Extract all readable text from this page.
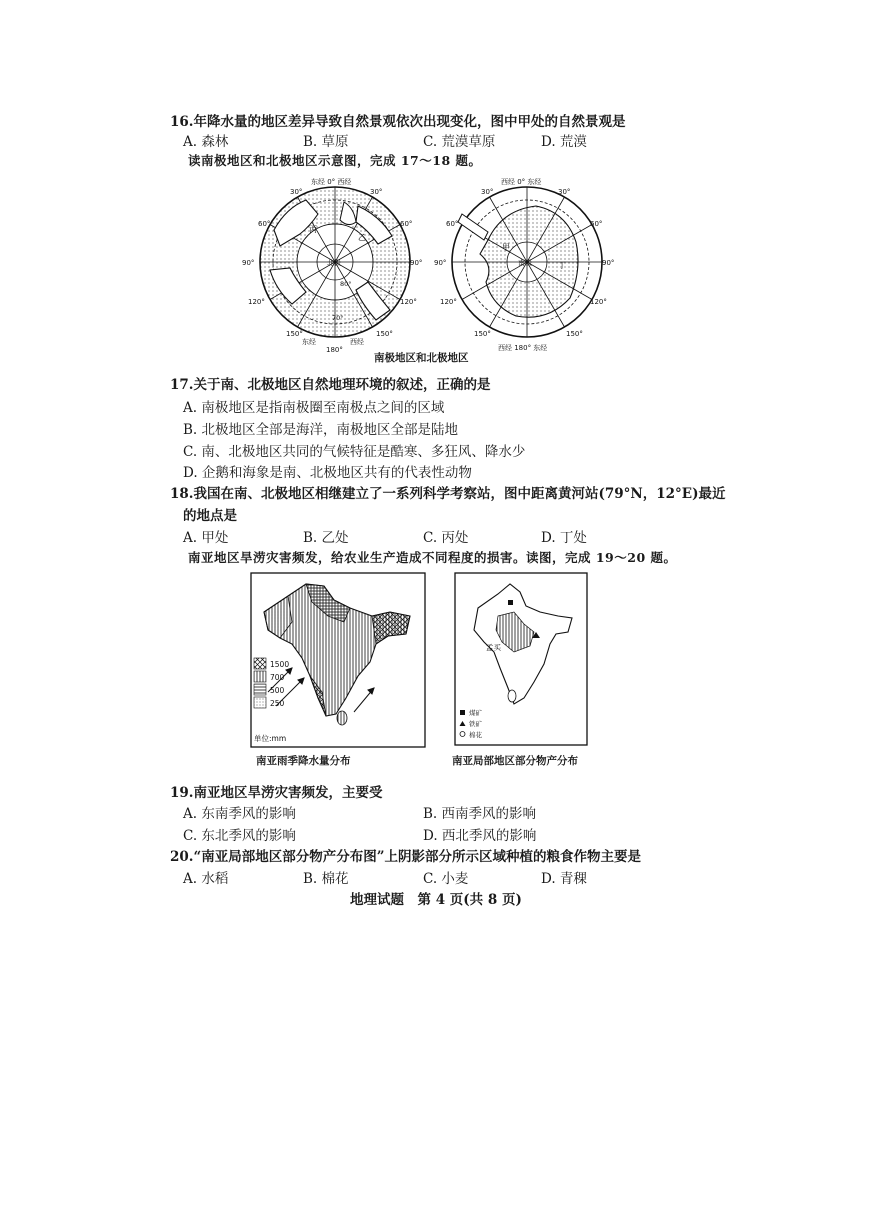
16.年降水量的地区差异导致自然景观依次出现变化，图中甲处的自然景观是
A. 森林	B. 草原	C. 荒漠草原	D. 荒漠
读南极地区和北极地区示意图，完成 17～18 题。
东经 0° 西经
30°
60°
90°
120°
150°
30°
60°
90°
120°
150°
80°
70°
北极
东经
180°
西经
丙
乙
西经 0° 东经
30°
60°
90°
120°
150°
30°
60°
90°
120°
150°
南极
西经 180° 东经
甲
丁
南极地区和北极地区
17.关于南、北极地区自然地理环境的叙述，正确的是
A. 南极地区是指南极圈至南极点之间的区域
B. 北极地区全部是海洋，南极地区全部是陆地
C. 南、北极地区共同的气候特征是酷寒、多狂风、降水少
D. 企鹅和海象是南、北极地区共有的代表性动物
18.我国在南、北极地区相继建立了一系列科学考察站，图中距离黄河站(79°N，12°E)最近
的地点是
A. 甲处	B. 乙处	C. 丙处	D. 丁处
南亚地区旱涝灾害频发，给农业生产造成不同程度的损害。读图，完成 19～20 题。
1500
700
500
250
单位:mm
南亚雨季降水量分布
孟买
煤矿
铁矿
棉花
南亚局部地区部分物产分布
19.南亚地区旱涝灾害频发，主要受
A. 东南季风的影响	B. 西南季风的影响
C. 东北季风的影响	D. 西北季风的影响
20.“南亚局部地区部分物产分布图”上阴影部分所示区域种植的粮食作物主要是
A. 水稻	B. 棉花	C. 小麦	D. 青稞
地理试题　第 4 页(共 8 页)
